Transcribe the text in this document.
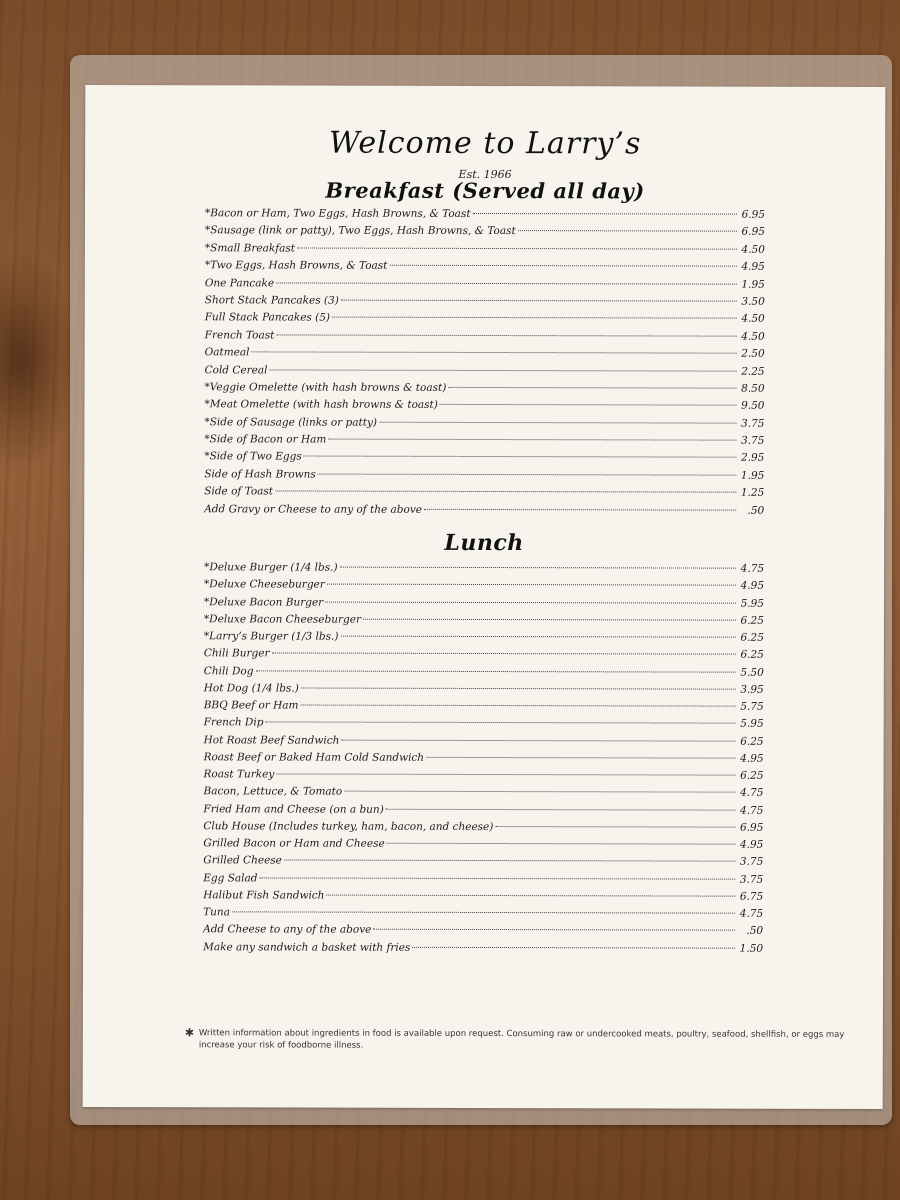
Welcome to Larry’s
Est. 1966
Breakfast (Served all day)
*Bacon or Ham, Two Eggs, Hash Browns, & Toast	6.95
*Sausage (link or patty), Two Eggs, Hash Browns, & Toast	6.95
*Small Breakfast	4.50
*Two Eggs, Hash Browns, & Toast	4.95
One Pancake	1.95
Short Stack Pancakes (3)	3.50
Full Stack Pancakes (5)	4.50
French Toast	4.50
Oatmeal	2.50
Cold Cereal	2.25
*Veggie Omelette (with hash browns & toast)	8.50
*Meat Omelette (with hash browns & toast)	9.50
*Side of Sausage (links or patty)	3.75
*Side of Bacon or Ham	3.75
*Side of Two Eggs	2.95
Side of Hash Browns	1.95
Side of Toast	1.25
Add Gravy or Cheese to any of the above	.50
Lunch
*Deluxe Burger (1/4 lbs.)	4.75
*Deluxe Cheeseburger	4.95
*Deluxe Bacon Burger	5.95
*Deluxe Bacon Cheeseburger	6.25
*Larry’s Burger (1/3 lbs.)	6.25
Chili Burger	6.25
Chili Dog	5.50
Hot Dog (1/4 lbs.)	3.95
BBQ Beef or Ham	5.75
French Dip	5.95
Hot Roast Beef Sandwich	6.25
Roast Beef or Baked Ham Cold Sandwich	4.95
Roast Turkey	6.25
Bacon, Lettuce, & Tomato	4.75
Fried Ham and Cheese (on a bun)	4.75
Club House (Includes turkey, ham, bacon, and cheese)	6.95
Grilled Bacon or Ham and Cheese	4.95
Grilled Cheese	3.75
Egg Salad	3.75
Halibut Fish Sandwich	6.75
Tuna	4.75
Add Cheese to any of the above	.50
Make any sandwich a basket with fries	1.50
✱ Written information about ingredients in food is available upon request. Consuming raw or undercooked meats, poultry, seafood, shellfish, or eggs may increase your risk of foodborne illness.
